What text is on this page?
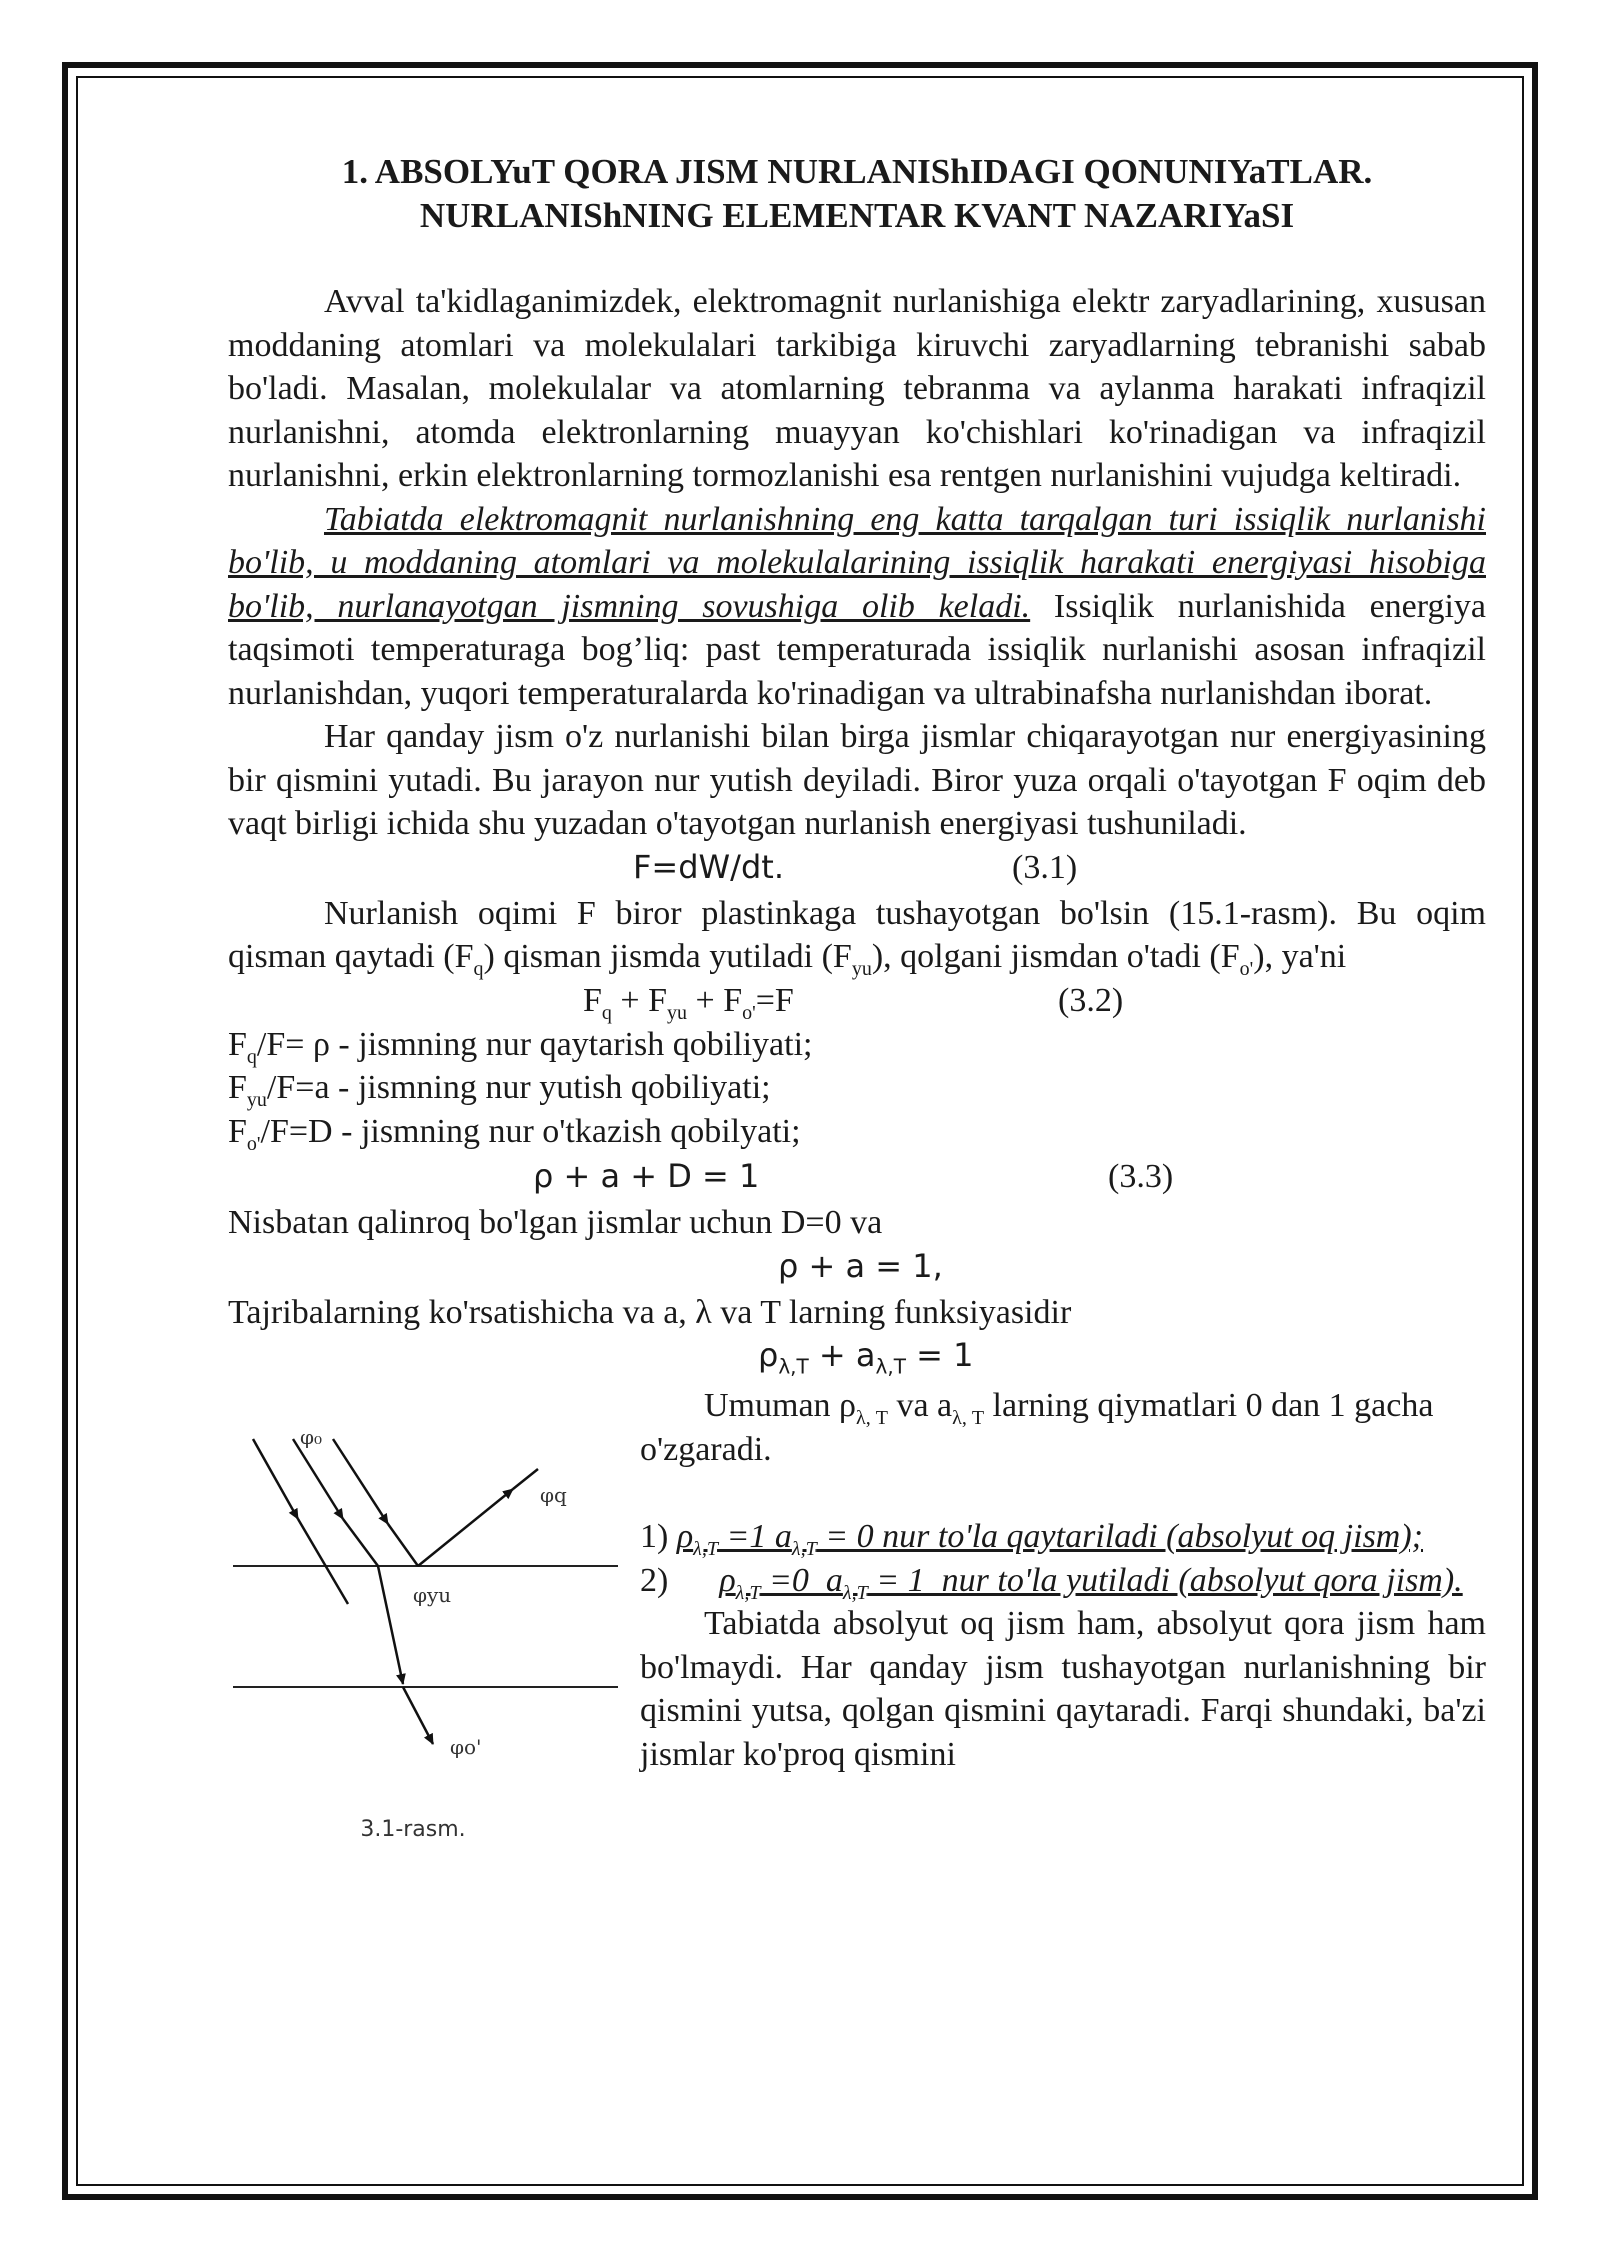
1. ABSOLYuT QORA JISM NURLANIShIDAGI QONUNIYaTLAR.
NURLANIShNING ELEMENTAR KVANT NAZARIYaSI

Avval ta'kidlaganimizdek, elektromagnit nurlanishiga elektr zaryadlarining, xususan moddaning atomlari va molekulalari tarkibiga kiruvchi zaryadlarning tebranishi sabab bo'ladi. Masalan, molekulalar va atomlarning tebranma va aylanma harakati infraqizil nurlanishni, atomda elektronlarning muayyan ko'chishlari ko'rinadigan va infraqizil nurlanishni, erkin elektronlarning tormozlanishi esa rentgen nurlanishini vujudga keltiradi.

Tabiatda elektromagnit nurlanishning eng katta tarqalgan turi issiqlik nurlanishi bo'lib, u moddaning atomlari va molekulalarining issiqlik harakati energiyasi hisobiga bo'lib, nurlanayotgan jismning sovushiga olib keladi. Issiqlik nurlanishida energiya taqsimoti temperaturaga bog’liq: past temperaturada issiqlik nurlanishi asosan infraqizil nurlanishdan, yuqori temperaturalarda ko'rinadigan va ultrabinafsha nurlanishdan iborat.

Har qanday jism o'z nurlanishi bilan birga jismlar chiqarayotgan nur energiyasining bir qismini yutadi. Bu jarayon nur yutish deyiladi. Biror yuza orqali o'tayotgan F oqim deb vaqt birligi ichida shu yuzadan o'tayotgan nurlanish energiyasi tushuniladi.

F=dW/dt.	(3.1)

Nurlanish oqimi F biror plastinkaga tushayotgan bo'lsin (15.1-rasm). Bu oqim qisman qaytadi $(F_q)$ qisman jismda yutiladi $(F_{yu})$, qolgani jismdan o'tadi $(F_{o'})$, ya'ni

$F_q + F_{yu} + F_{o'}=F$	(3.2)

$F_q/F= \rho$ - jismning nur qaytarish qobiliyati;

$F_{yu}/F=a$ - jismning nur yutish qobiliyati;

$F_{o'}/F=D$ - jismning nur o'tkazish qobilyati;

ρ + a + D = 1	(3.3)

Nisbatan qalinroq bo'lgan jismlar uchun D=0 va

ρ + a = 1,

Tajribalarning ko'rsatishicha va a, λ va T larning funksiyasidir

$\rho_{\lambda,T} + a_{\lambda,T} = 1$
φ₀
φq
φyu
φo'
3.1-rasm.

Umuman $\rho_{\lambda, T}$ va $a_{\lambda, T}$ larning qiymatlari 0 dan 1 gacha o'zgaradi.

1) $\rho_{\lambda,T} =1$ $a_{\lambda,T} = 0$ nur to'la qaytariladi (absolyut oq jism);

2)      $\rho_{\lambda,T} =0$  $a_{\lambda,T} = 1$  nur to'la yutiladi (absolyut qora jism).

Tabiatda absolyut oq jism ham, absolyut qora jism ham bo'lmaydi. Har qanday jism tushayotgan nurlanishning bir qismini yutsa, qolgan qismini qaytaradi. Farqi shundaki, ba'zi jismlar ko'proq qismini
